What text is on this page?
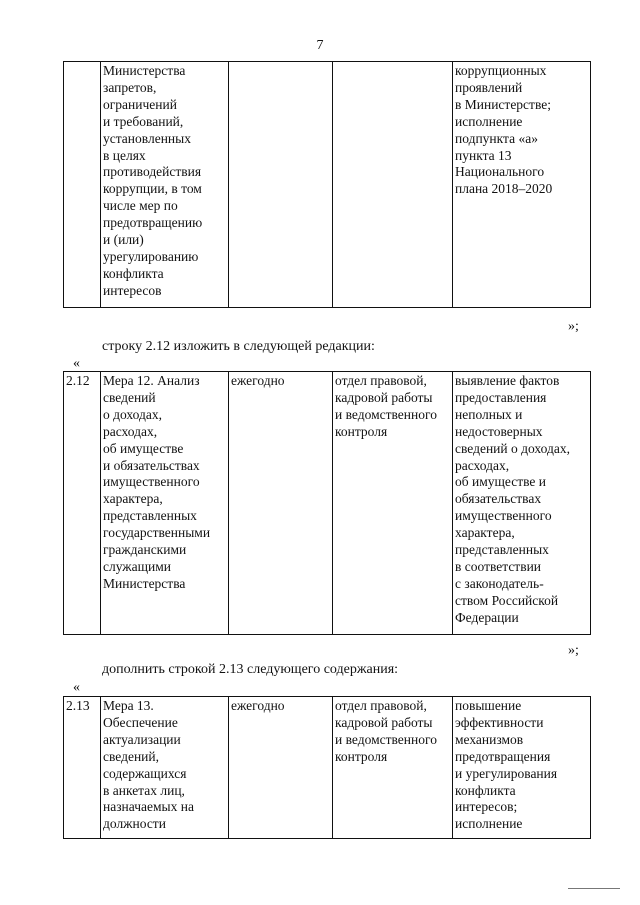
7
	Министерства
запретов,
ограничений
и требований,
установленных
в целях
противодействия
коррупции, в том
числе мер по
предотвращению
и (или)
урегулированию
конфликта
интересов			коррупционных
проявлений
в Министерстве;
исполнение
подпункта «а»
пункта 13
Национального
плана 2018–2020
»;
строку 2.12 изложить в следующей редакции:
«
2.12	Мера 12. Анализ
сведений
о доходах,
расходах,
об имуществе
и обязательствах
имущественного
характера,
представленных
государственными
гражданскими
служащими
Министерства	ежегодно	отдел правовой,
кадровой работы
и ведомственного
контроля	выявление фактов
предоставления
неполных и
недостоверных
сведений о доходах,
расходах,
об имуществе и
обязательствах
имущественного
характера,
представленных
в соответствии
с законодатель-
ством Российской
Федерации
»;
дополнить строкой 2.13 следующего содержания:
«
2.13	Мера 13.
Обеспечение
актуализации
сведений,
содержащихся
в анкетах лиц,
назначаемых на
должности	ежегодно	отдел правовой,
кадровой работы
и ведомственного
контроля	повышение
эффективности
механизмов
предотвращения
и урегулирования
конфликта
интересов;
исполнение
